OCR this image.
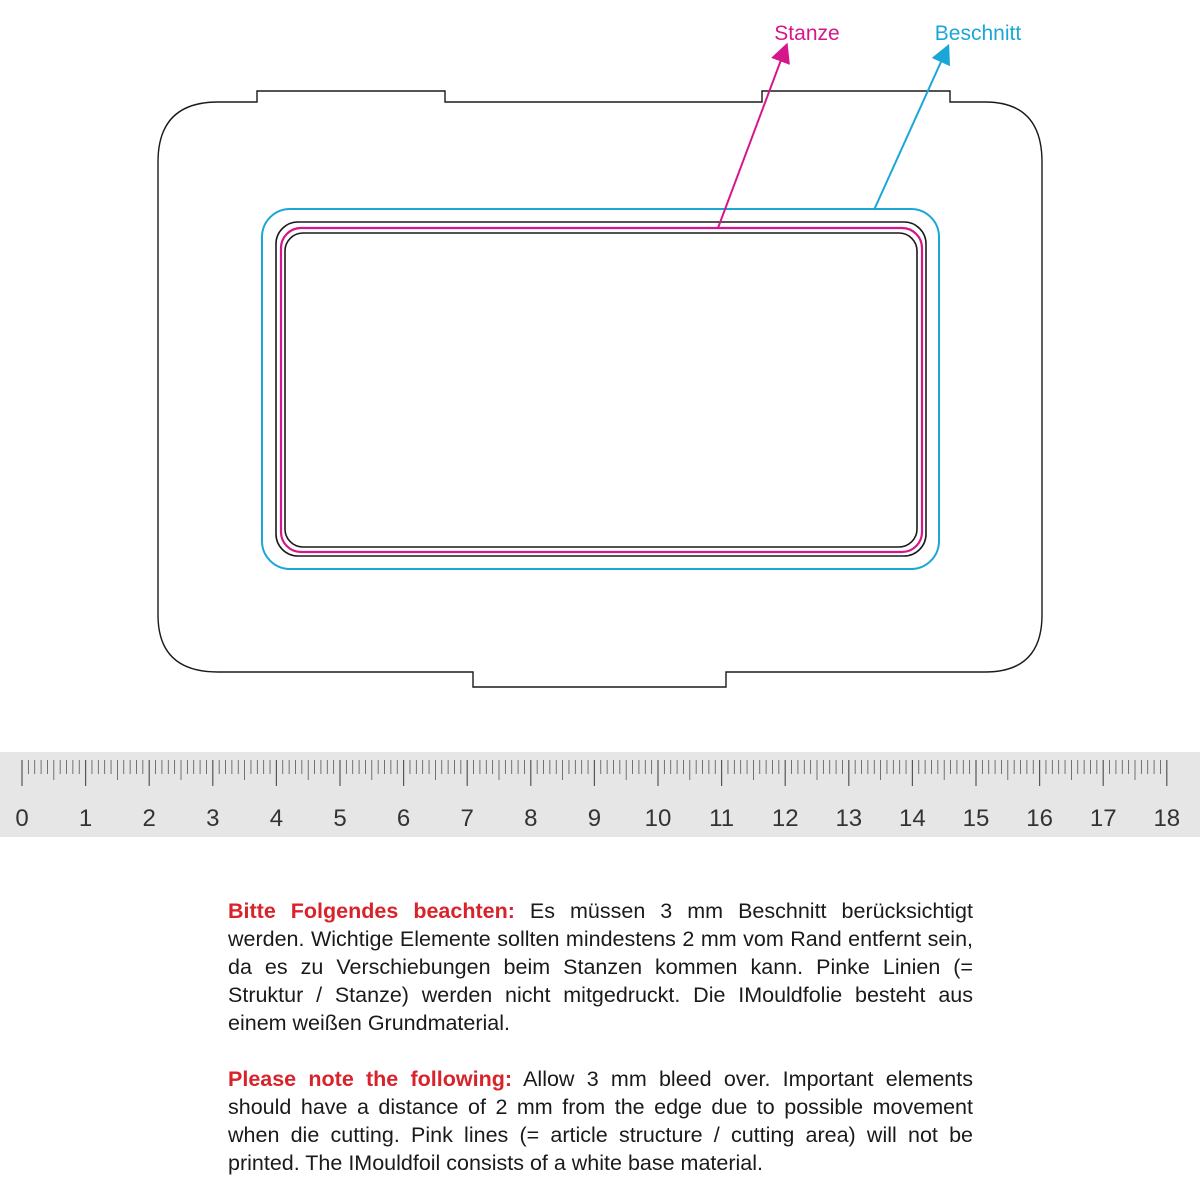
Stanze	Beschnitt
0 1 2 3 4 5 6 7 8 9 10 11 12 13 14 15 16 17 18
Bitte Folgendes beachten: Es müssen 3 mm Beschnitt berücksichtigt werden. Wichtige Elemente sollten mindestens 2 mm vom Rand entfernt sein, da es zu Verschiebungen beim Stanzen kommen kann. Pinke Linien (= Struktur / Stanze) werden nicht mitgedruckt. Die IMouldfolie besteht aus einem weißen Grundmaterial.
Please note the following: Allow 3 mm bleed over. Important elements should have a distance of 2 mm from the edge due to possible movement when die cutting. Pink lines (= article structure / cutting area) will not be printed. The IMouldfoil consists of a white base material.
